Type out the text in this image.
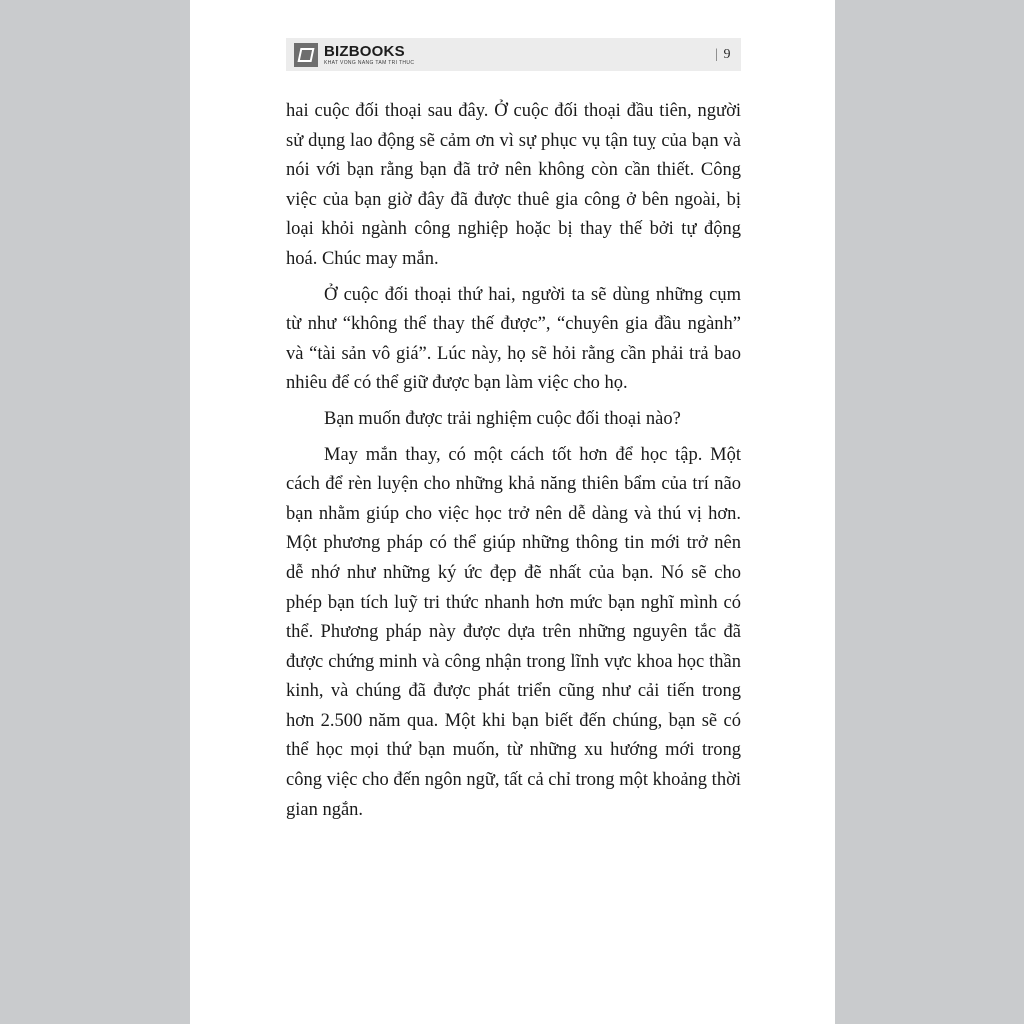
BIZBOOKS
KHAT VONG NANG TAM TRI THUC
| 9

hai cuộc đối thoại sau đây. Ở cuộc đối thoại đầu tiên, người sử dụng lao động sẽ cảm ơn vì sự phục vụ tận tuỵ của bạn và nói với bạn rằng bạn đã trở nên không còn cần thiết. Công việc của bạn giờ đây đã được thuê gia công ở bên ngoài, bị loại khỏi ngành công nghiệp hoặc bị thay thế bởi tự động hoá. Chúc may mắn.

Ở cuộc đối thoại thứ hai, người ta sẽ dùng những cụm từ như “không thể thay thế được”, “chuyên gia đầu ngành” và “tài sản vô giá”. Lúc này, họ sẽ hỏi rằng cần phải trả bao nhiêu để có thể giữ được bạn làm việc cho họ.

Bạn muốn được trải nghiệm cuộc đối thoại nào?

May mắn thay, có một cách tốt hơn để học tập. Một cách để rèn luyện cho những khả năng thiên bẩm của trí não bạn nhằm giúp cho việc học trở nên dễ dàng và thú vị hơn. Một phương pháp có thể giúp những thông tin mới trở nên dễ nhớ như những ký ức đẹp đẽ nhất của bạn. Nó sẽ cho phép bạn tích luỹ tri thức nhanh hơn mức bạn nghĩ mình có thể. Phương pháp này được dựa trên những nguyên tắc đã được chứng minh và công nhận trong lĩnh vực khoa học thần kinh, và chúng đã được phát triển cũng như cải tiến trong hơn 2.500 năm qua. Một khi bạn biết đến chúng, bạn sẽ có thể học mọi thứ bạn muốn, từ những xu hướng mới trong công việc cho đến ngôn ngữ, tất cả chỉ trong một khoảng thời gian ngắn.
